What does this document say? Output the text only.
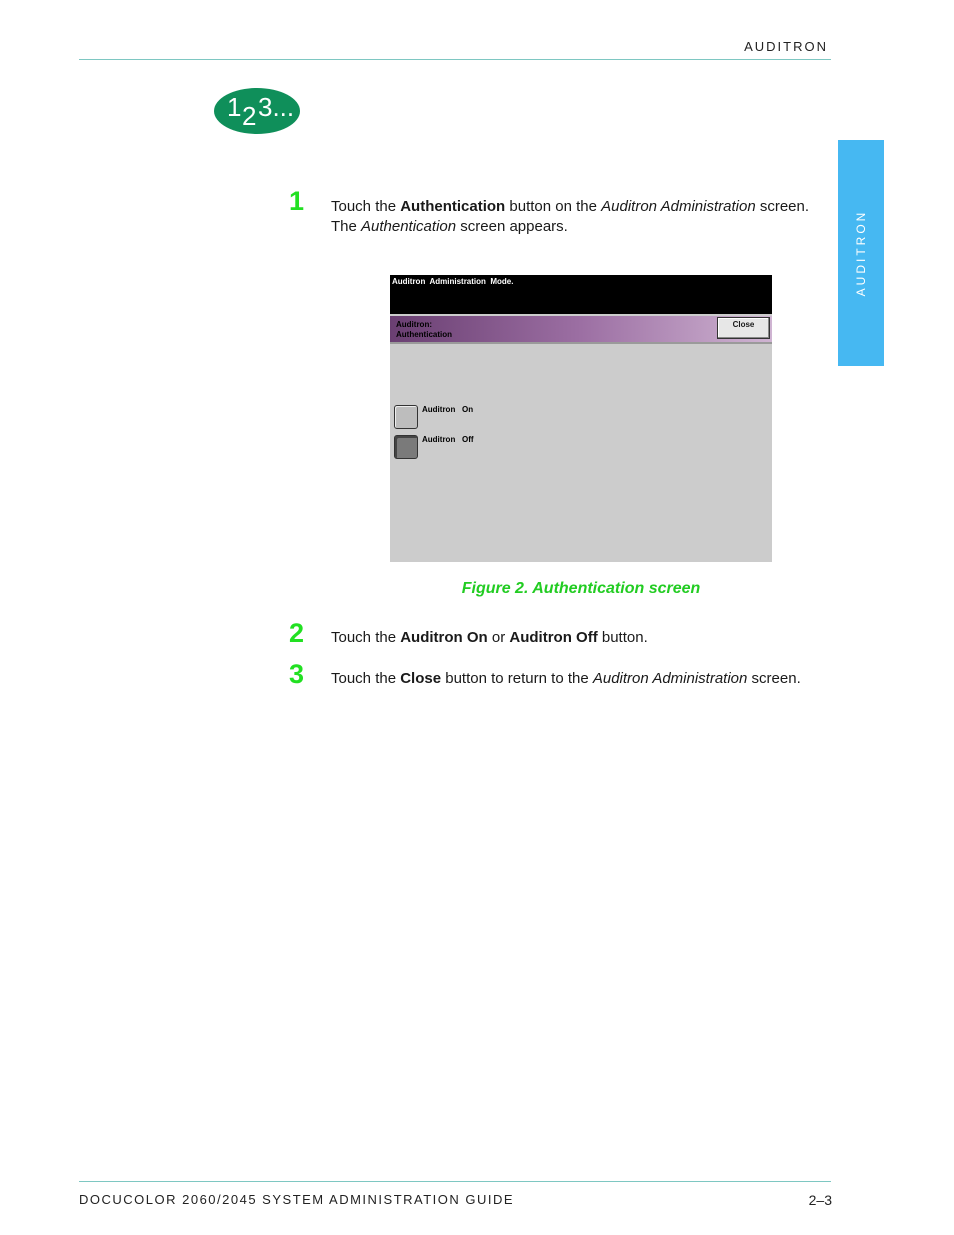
AUDITRON
1 2 3...
AUDITRON
1 Touch the Authentication button on the Auditron Administration screen. The Authentication screen appears.
Auditron  Administration  Mode.
Auditron:
Authentication
Close
Auditron   On
Auditron   Off
Figure 2. Authentication screen
2 Touch the Auditron On or Auditron Off button.
3 Touch the Close button to return to the Auditron Administration screen.
DOCUCOLOR 2060/2045 SYSTEM ADMINISTRATION GUIDE	2–3
